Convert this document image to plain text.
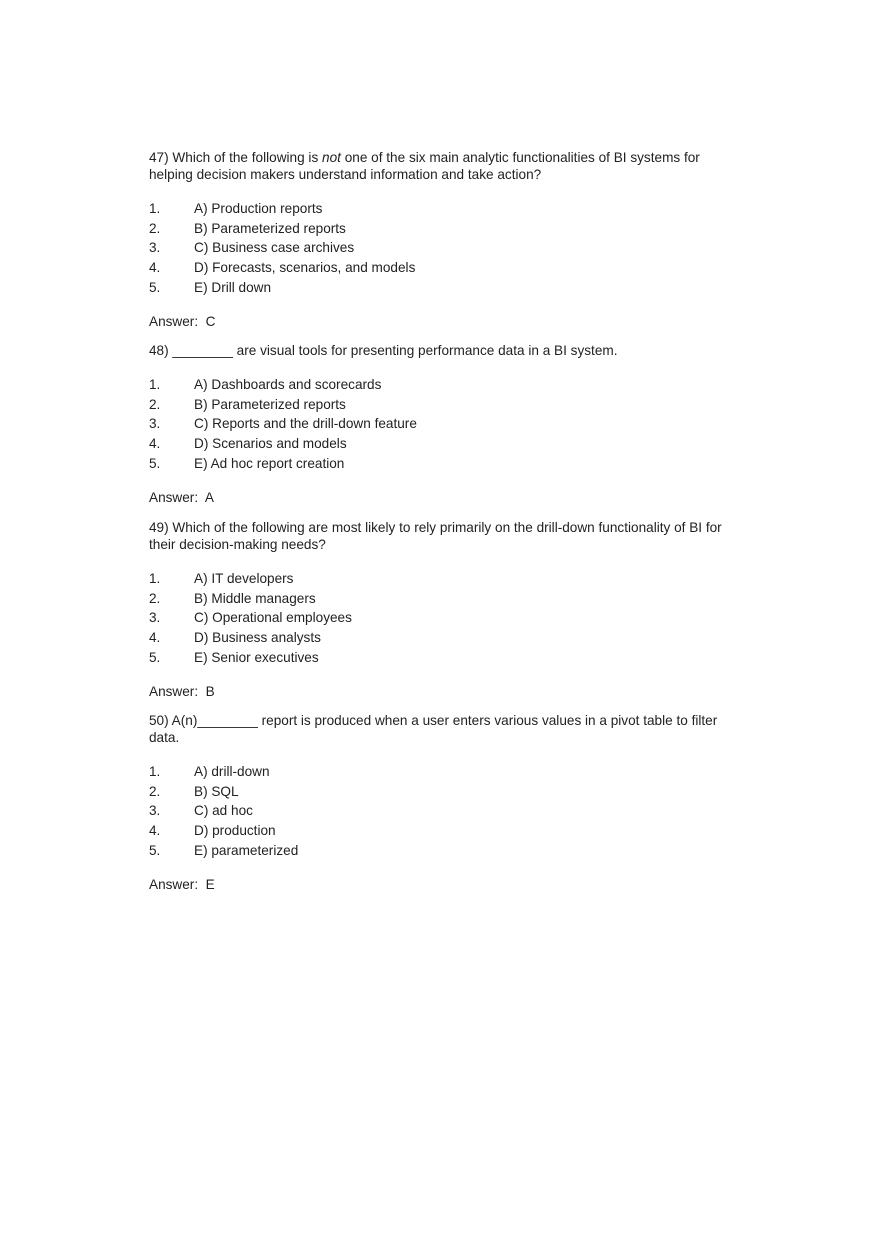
47) Which of the following is not one of the six main analytic functionalities of BI systems for helping decision makers understand information and take action?

1. A) Production reports
2. B) Parameterized reports
3. C) Business case archives
4. D) Forecasts, scenarios, and models
5. E) Drill down

Answer:  C

48) ________ are visual tools for presenting performance data in a BI system.

1. A) Dashboards and scorecards
2. B) Parameterized reports
3. C) Reports and the drill-down feature
4. D) Scenarios and models
5. E) Ad hoc report creation

Answer:  A

49) Which of the following are most likely to rely primarily on the drill-down functionality of BI for their decision-making needs?

1. A) IT developers
2. B) Middle managers
3. C) Operational employees
4. D) Business analysts
5. E) Senior executives

Answer:  B

50) A(n)________ report is produced when a user enters various values in a pivot table to filter data.

1. A) drill-down
2. B) SQL
3. C) ad hoc
4. D) production
5. E) parameterized

Answer:  E
